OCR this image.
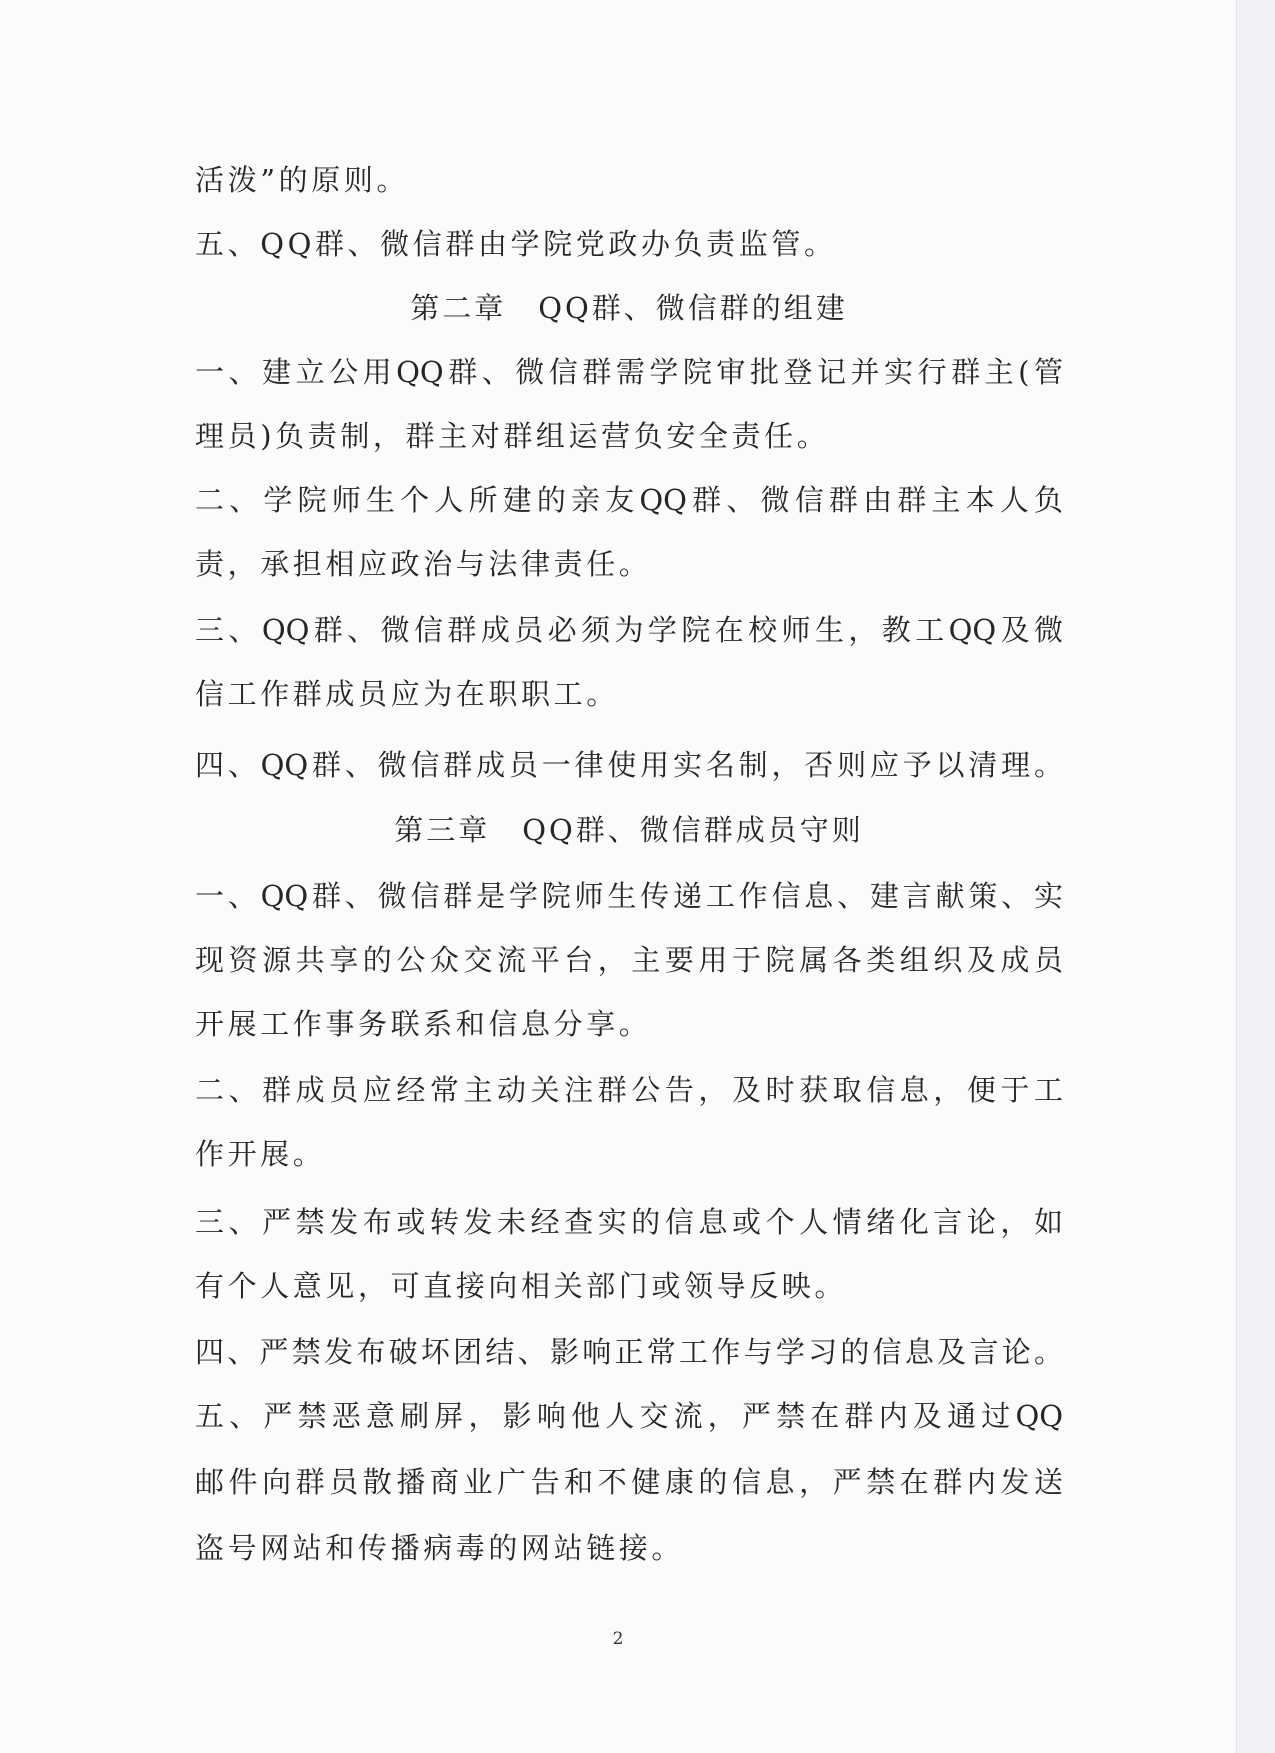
活泼”的原则。
五、QQ群、微信群由学院党政办负责监管。
第二章　QQ群、微信群的组建
一、建立公用QQ群、微信群需学院审批登记并实行群主(管
理员)负责制，群主对群组运营负安全责任。
二、学院师生个人所建的亲友QQ群、微信群由群主本人负
责，承担相应政治与法律责任。
三、QQ群、微信群成员必须为学院在校师生，教工QQ及微
信工作群成员应为在职职工。
四、QQ群、微信群成员一律使用实名制，否则应予以清理。
第三章　QQ群、微信群成员守则
一、QQ群、微信群是学院师生传递工作信息、建言献策、实
现资源共享的公众交流平台，主要用于院属各类组织及成员
开展工作事务联系和信息分享。
二、群成员应经常主动关注群公告，及时获取信息，便于工
作开展。
三、严禁发布或转发未经查实的信息或个人情绪化言论，如
有个人意见，可直接向相关部门或领导反映。
四、严禁发布破坏团结、影响正常工作与学习的信息及言论。
五、严禁恶意刷屏，影响他人交流，严禁在群内及通过QQ
邮件向群员散播商业广告和不健康的信息，严禁在群内发送
盗号网站和传播病毒的网站链接。
2
